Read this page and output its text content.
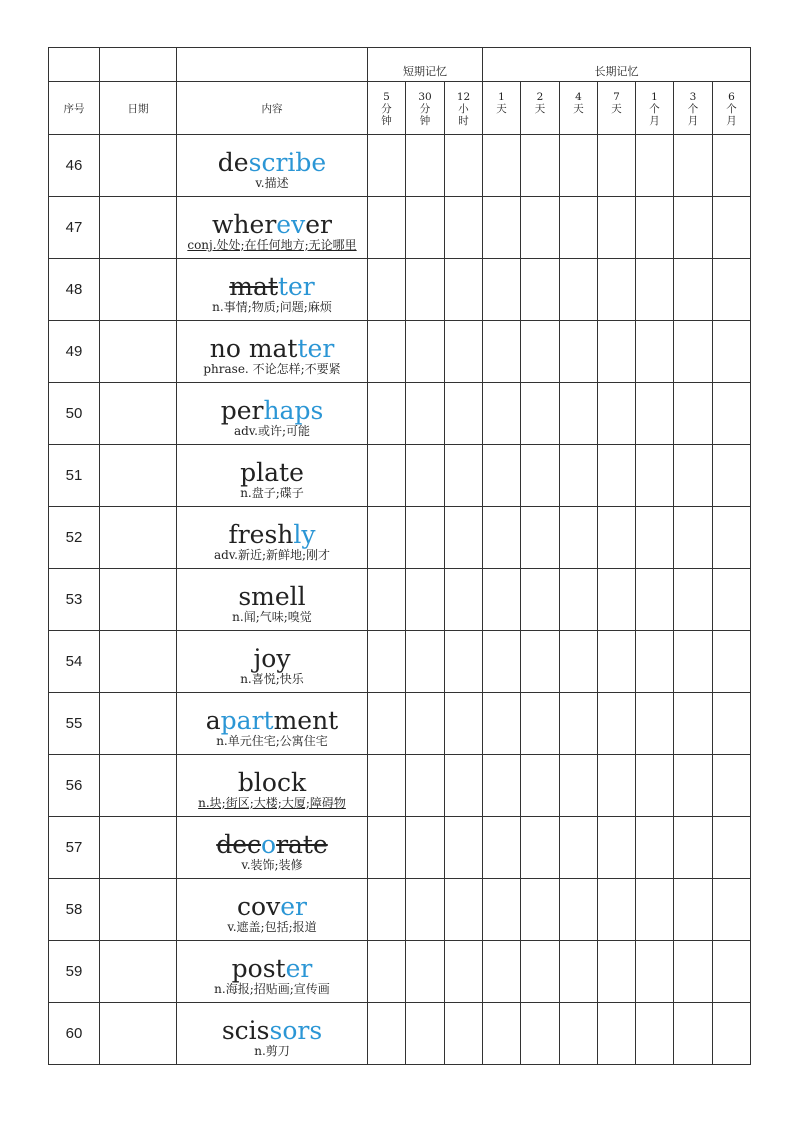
			短期记忆			长期记忆						
序号	日期	内容	5
分
钟	30
分
钟	12
小
时	1
天	2
天	4
天	7
天	1
个
月	3
个
月	6
个
月

46		describe
v.描述										

47		wherever
conj.处处;在任何地方;无论哪里										

48		matter
n.事情;物质;问题;麻烦										

49		no matter
phrase. 不论怎样;不要紧										

50		perhaps
adv.或许;可能										

51		plate
n.盘子;碟子										

52		freshly
adv.新近;新鲜地;刚才										

53		smell
n.闻;气味;嗅觉										

54		joy
n.喜悦;快乐										

55		apartment
n.单元住宅;公寓住宅										

56		block
n.块;街区;大楼;大厦;障碍物										

57		decorate
v.装饰;装修										

58		cover
v.遮盖;包括;报道										

59		poster
n.海报;招贴画;宣传画										

60		scissors
n.剪刀										
